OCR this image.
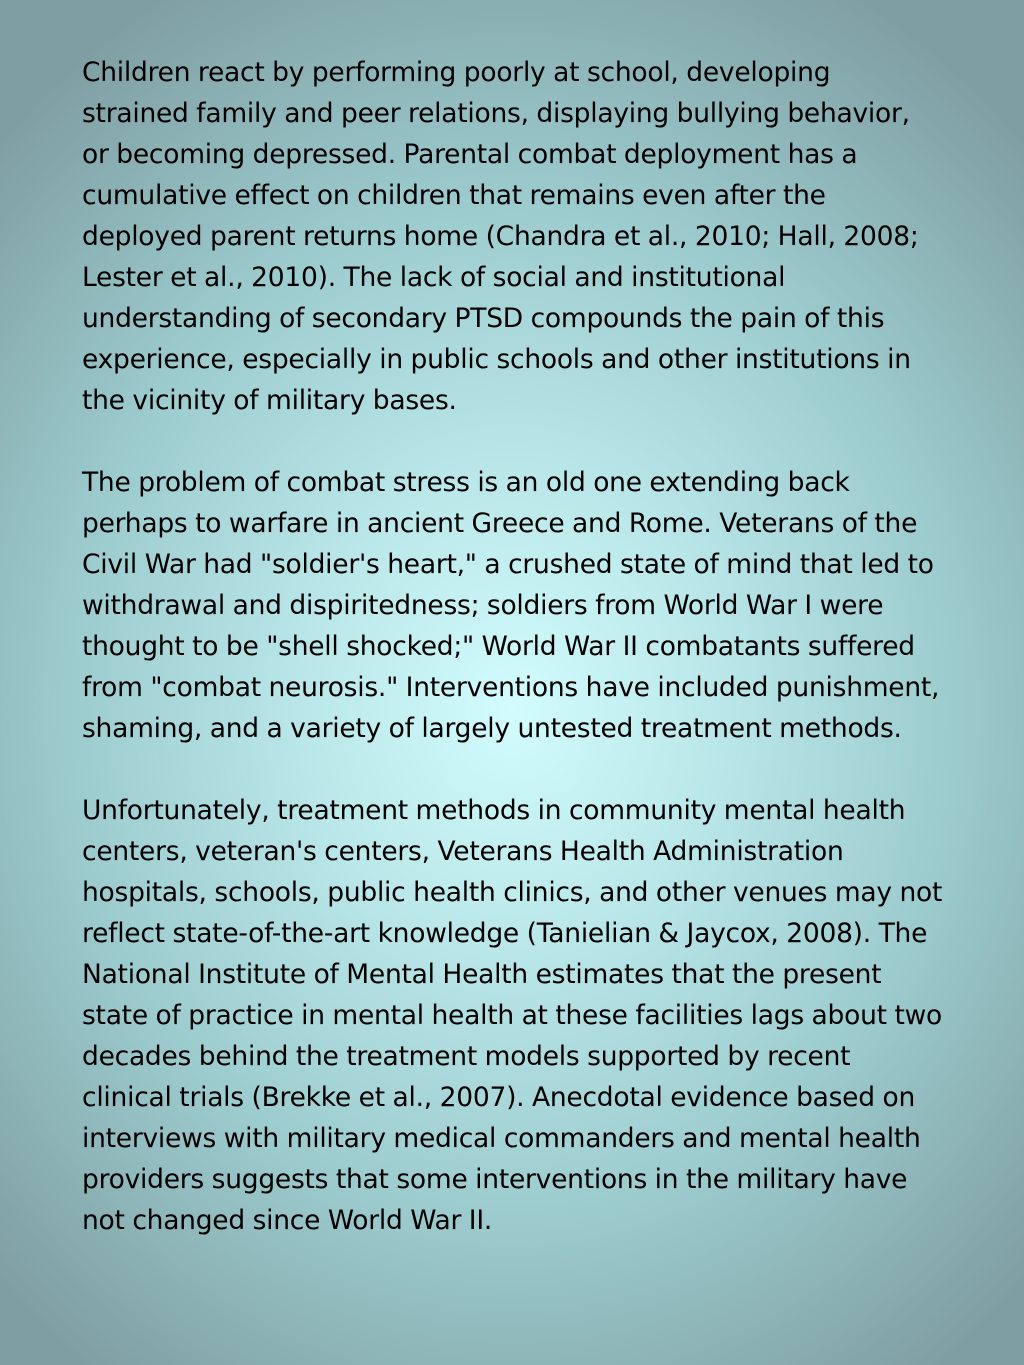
Children react by performing poorly at school, developing strained family and peer relations, displaying bullying behavior, or becoming depressed. Parental combat deployment has a cumulative effect on children that remains even after the deployed parent returns home (Chandra et al., 2010; Hall, 2008; Lester et al., 2010). The lack of social and institutional understanding of secondary PTSD compounds the pain of this experience, especially in public schools and other institutions in the vicinity of military bases.

The problem of combat stress is an old one extending back perhaps to warfare in ancient Greece and Rome. Veterans of the Civil War had "soldier's heart," a crushed state of mind that led to withdrawal and dispiritedness; soldiers from World War I were thought to be "shell shocked;" World War II combatants suffered from "combat neurosis." Interventions have included punishment, shaming, and a variety of largely untested treatment methods.

Unfortunately, treatment methods in community mental health centers, veteran's centers, Veterans Health Administration hospitals, schools, public health clinics, and other venues may not reflect state-of-the-art knowledge (Tanielian & Jaycox, 2008). The National Institute of Mental Health estimates that the present state of practice in mental health at these facilities lags about two decades behind the treatment models supported by recent clinical trials (Brekke et al., 2007). Anecdotal evidence based on interviews with military medical commanders and mental health providers suggests that some interventions in the military have not changed since World War II.
